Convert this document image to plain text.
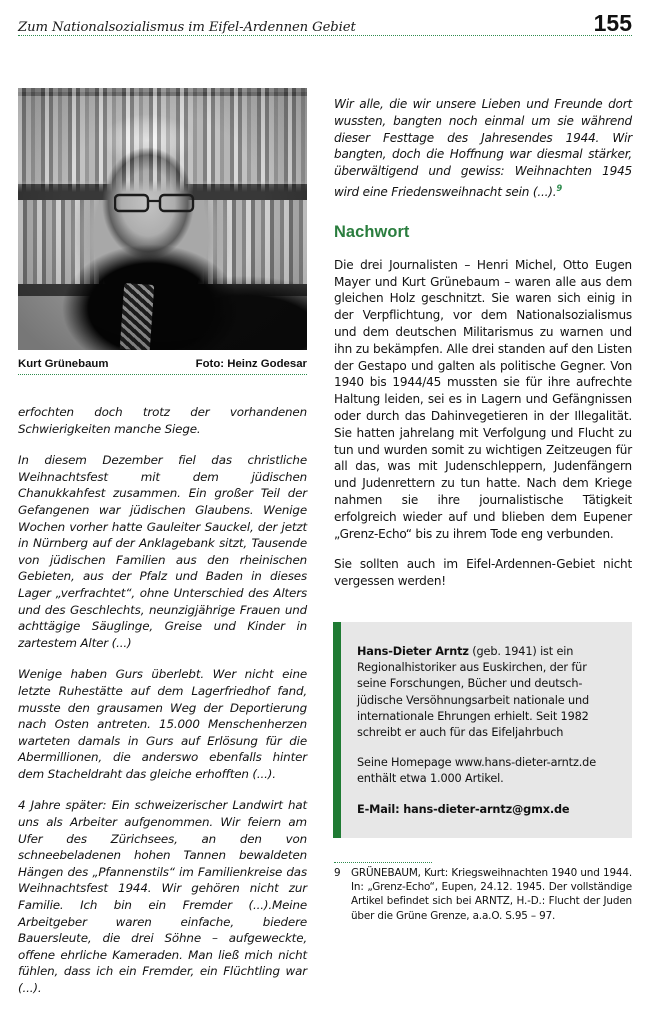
Zum Nationalsozialismus im Eifel-Ardennen Gebiet	155
Kurt Grünebaum	Foto: Heinz Godesar

erfochten doch trotz der vorhandenen Schwierigkeiten manche Siege.

In diesem Dezember fiel das christliche Weihnachtsfest mit dem jüdischen Chanukkahfest zusammen. Ein großer Teil der Gefangenen war jüdischen Glaubens. Wenige Wochen vorher hatte Gauleiter Sauckel, der jetzt in Nürnberg auf der Anklagebank sitzt, Tausende von jüdischen Familien aus den rheinischen Gebieten, aus der Pfalz und Baden in dieses Lager „verfrachtet“, ohne Unterschied des Alters und des Geschlechts, neunzigjährige Frauen und achttägige Säuglinge, Greise und Kinder in zartestem Alter (...)

Wenige haben Gurs überlebt. Wer nicht eine letzte Ruhestätte auf dem Lagerfriedhof fand, musste den grausamen Weg der Deportierung nach Osten antreten. 15.000 Menschenherzen warteten damals in Gurs auf Erlösung für die Abermillionen, die anderswo ebenfalls hinter dem Stacheldraht das gleiche erhofften (...).

4 Jahre später: Ein schweizerischer Landwirt hat uns als Arbeiter aufgenommen. Wir feiern am Ufer des Zürichsees, an den von schneebeladenen hohen Tannen bewaldeten Hängen des „Pfannenstils“ im Familienkreise das Weihnachtsfest 1944. Wir gehören nicht zur Familie. Ich bin ein Fremder (...).Meine Arbeitgeber waren einfache, biedere Bauersleute, die drei Söhne – aufgeweckte, offene ehrliche Kameraden. Man ließ mich nicht fühlen, dass ich ein Fremder, ein Flüchtling war (...).

Wir alle, die wir unsere Lieben und Freunde dort wussten, bangten noch einmal um sie während dieser Festtage des Jahresendes 1944. Wir bangten, doch die Hoffnung war diesmal stärker, überwältigend und gewiss: Weihnachten 1945 wird eine Friedensweihnacht sein (...).$^9$

Nachwort

Die drei Journalisten – Henri Michel, Otto Eugen Mayer und Kurt Grünebaum – waren alle aus dem gleichen Holz geschnitzt. Sie waren sich einig in der Verpflichtung, vor dem Nationalsozialismus und dem deutschen Militarismus zu warnen und ihn zu bekämpfen. Alle drei standen auf den Listen der Gestapo und galten als politische Gegner. Von 1940 bis 1944/45 mussten sie für ihre aufrechte Haltung leiden, sei es in Lagern und Gefängnissen oder durch das Dahinvegetieren in der Illegalität. Sie hatten jahrelang mit Verfolgung und Flucht zu tun und wurden somit zu wichtigen Zeitzeugen für all das, was mit Judenschleppern, Judenfängern und Judenrettern zu tun hatte. Nach dem Kriege nahmen sie ihre journalistische Tätigkeit erfolgreich wieder auf und blieben dem Eupener „Grenz-Echo“ bis zu ihrem Tode eng verbunden.

Sie sollten auch im Eifel-Ardennen-Gebiet nicht vergessen werden!

Hans-Dieter Arntz (geb. 1941) ist ein Regionalhistoriker aus Euskirchen, der für seine Forschungen, Bücher und deutsch-jüdische Versöhnungsarbeit nationale und internationale Ehrungen erhielt. Seit 1982 schreibt er auch für das Eifeljahrbuch

Seine Homepage www.hans-dieter-arntz.de enthält etwa 1.000 Artikel.

E-Mail: hans-dieter-arntz@gmx.de

9	GRÜNEBAUM, Kurt: Kriegsweihnachten 1940 und 1944. In: „Grenz-Echo“, Eupen, 24.12. 1945. Der vollständige Artikel befindet sich bei ARNTZ, H.-D.: Flucht der Juden über die Grüne Grenze, a.a.O. S.95 – 97.
